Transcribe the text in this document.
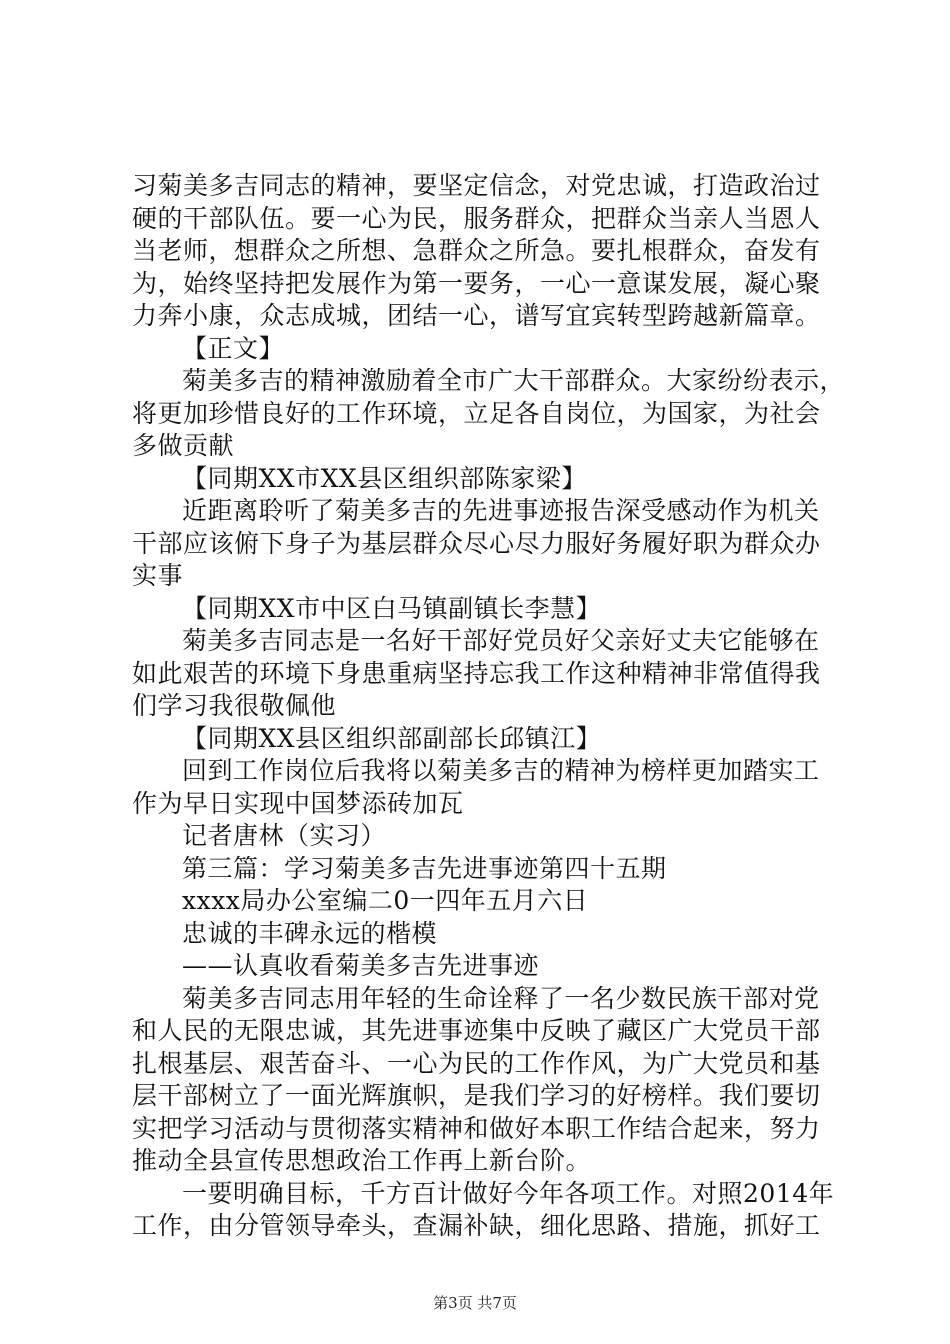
习菊美多吉同志的精神，要坚定信念，对党忠诚，打造政治过
硬的干部队伍。要一心为民，服务群众，把群众当亲人当恩人
当老师，想群众之所想、急群众之所急。要扎根群众，奋发有
为，始终坚持把发展作为第一要务，一心一意谋发展，凝心聚
力奔小康，众志成城，团结一心，谱写宜宾转型跨越新篇章。
【正文】
菊美多吉的精神激励着全市广大干部群众。大家纷纷表示，
将更加珍惜良好的工作环境，立足各自岗位，为国家，为社会
多做贡献
【同期XX市XX县区组织部陈家梁】
近距离聆听了菊美多吉的先进事迹报告深受感动作为机关
干部应该俯下身子为基层群众尽心尽力服好务履好职为群众办
实事
【同期XX市中区白马镇副镇长李慧】
菊美多吉同志是一名好干部好党员好父亲好丈夫它能够在
如此艰苦的环境下身患重病坚持忘我工作这种精神非常值得我
们学习我很敬佩他
【同期XX县区组织部副部长邱镇江】
回到工作岗位后我将以菊美多吉的精神为榜样更加踏实工
作为早日实现中国梦添砖加瓦
记者唐林（实习）
第三篇：学习菊美多吉先进事迹第四十五期
xxxx局办公室编二0一四年五月六日
忠诚的丰碑永远的楷模
——认真收看菊美多吉先进事迹
菊美多吉同志用年轻的生命诠释了一名少数民族干部对党
和人民的无限忠诚，其先进事迹集中反映了藏区广大党员干部
扎根基层、艰苦奋斗、一心为民的工作作风，为广大党员和基
层干部树立了一面光辉旗帜，是我们学习的好榜样。我们要切
实把学习活动与贯彻落实精神和做好本职工作结合起来，努力
推动全县宣传思想政治工作再上新台阶。
一要明确目标，千方百计做好今年各项工作。对照2014年
工作，由分管领导牵头，查漏补缺，细化思路、措施，抓好工
第3页 共7页
